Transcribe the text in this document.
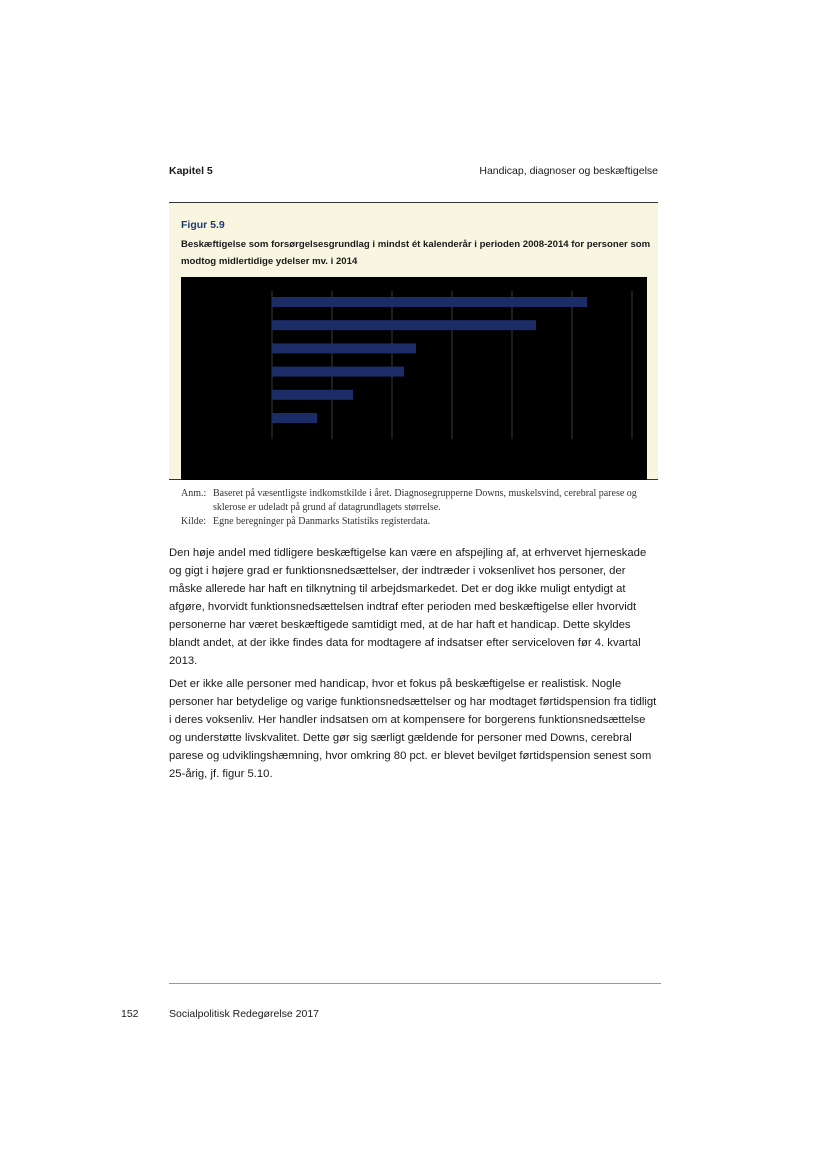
Kapitel 5	Handicap, diagnoser og beskæftigelse
Figur 5.9
Beskæftigelse som forsørgelsesgrundlag i mindst ét kalenderår i perioden 2008-2014 for personer som modtog midlertidige ydelser mv. i 2014
Anm.: Baseret på væsentligste indkomstkilde i året. Diagnosegrupperne Downs, muskelsvind, cerebral parese og sklerose er udeladt på grund af datagrundlagets størrelse.
Kilde: Egne beregninger på Danmarks Statistiks registerdata.

Den høje andel med tidligere beskæftigelse kan være en afspejling af, at erhvervet hjerneskade og gigt i højere grad er funktionsnedsættelser, der indtræder i voksenlivet hos personer, der måske allerede har haft en tilknytning til arbejdsmarkedet. Det er dog ikke muligt entydigt at afgøre, hvorvidt funktionsnedsættelsen indtraf efter perioden med beskæftigelse eller hvorvidt personerne har været beskæftigede samtidigt med, at de har haft et handicap. Dette skyldes blandt andet, at der ikke findes data for modtagere af indsatser efter serviceloven før 4. kvartal 2013.

Det er ikke alle personer med handicap, hvor et fokus på beskæftigelse er realistisk. Nogle personer har betydelige og varige funktionsnedsættelser og har modtaget førtidspension fra tidligt i deres voksenliv. Her handler indsatsen om at kompensere for borgerens funktionsnedsættelse og understøtte livskvalitet. Dette gør sig særligt gældende for personer med Downs, cerebral parese og udviklingshæmning, hvor omkring 80 pct. er blevet bevilget førtidspension senest som 25-årig, jf. figur 5.10.

152	Socialpolitisk Redegørelse 2017
